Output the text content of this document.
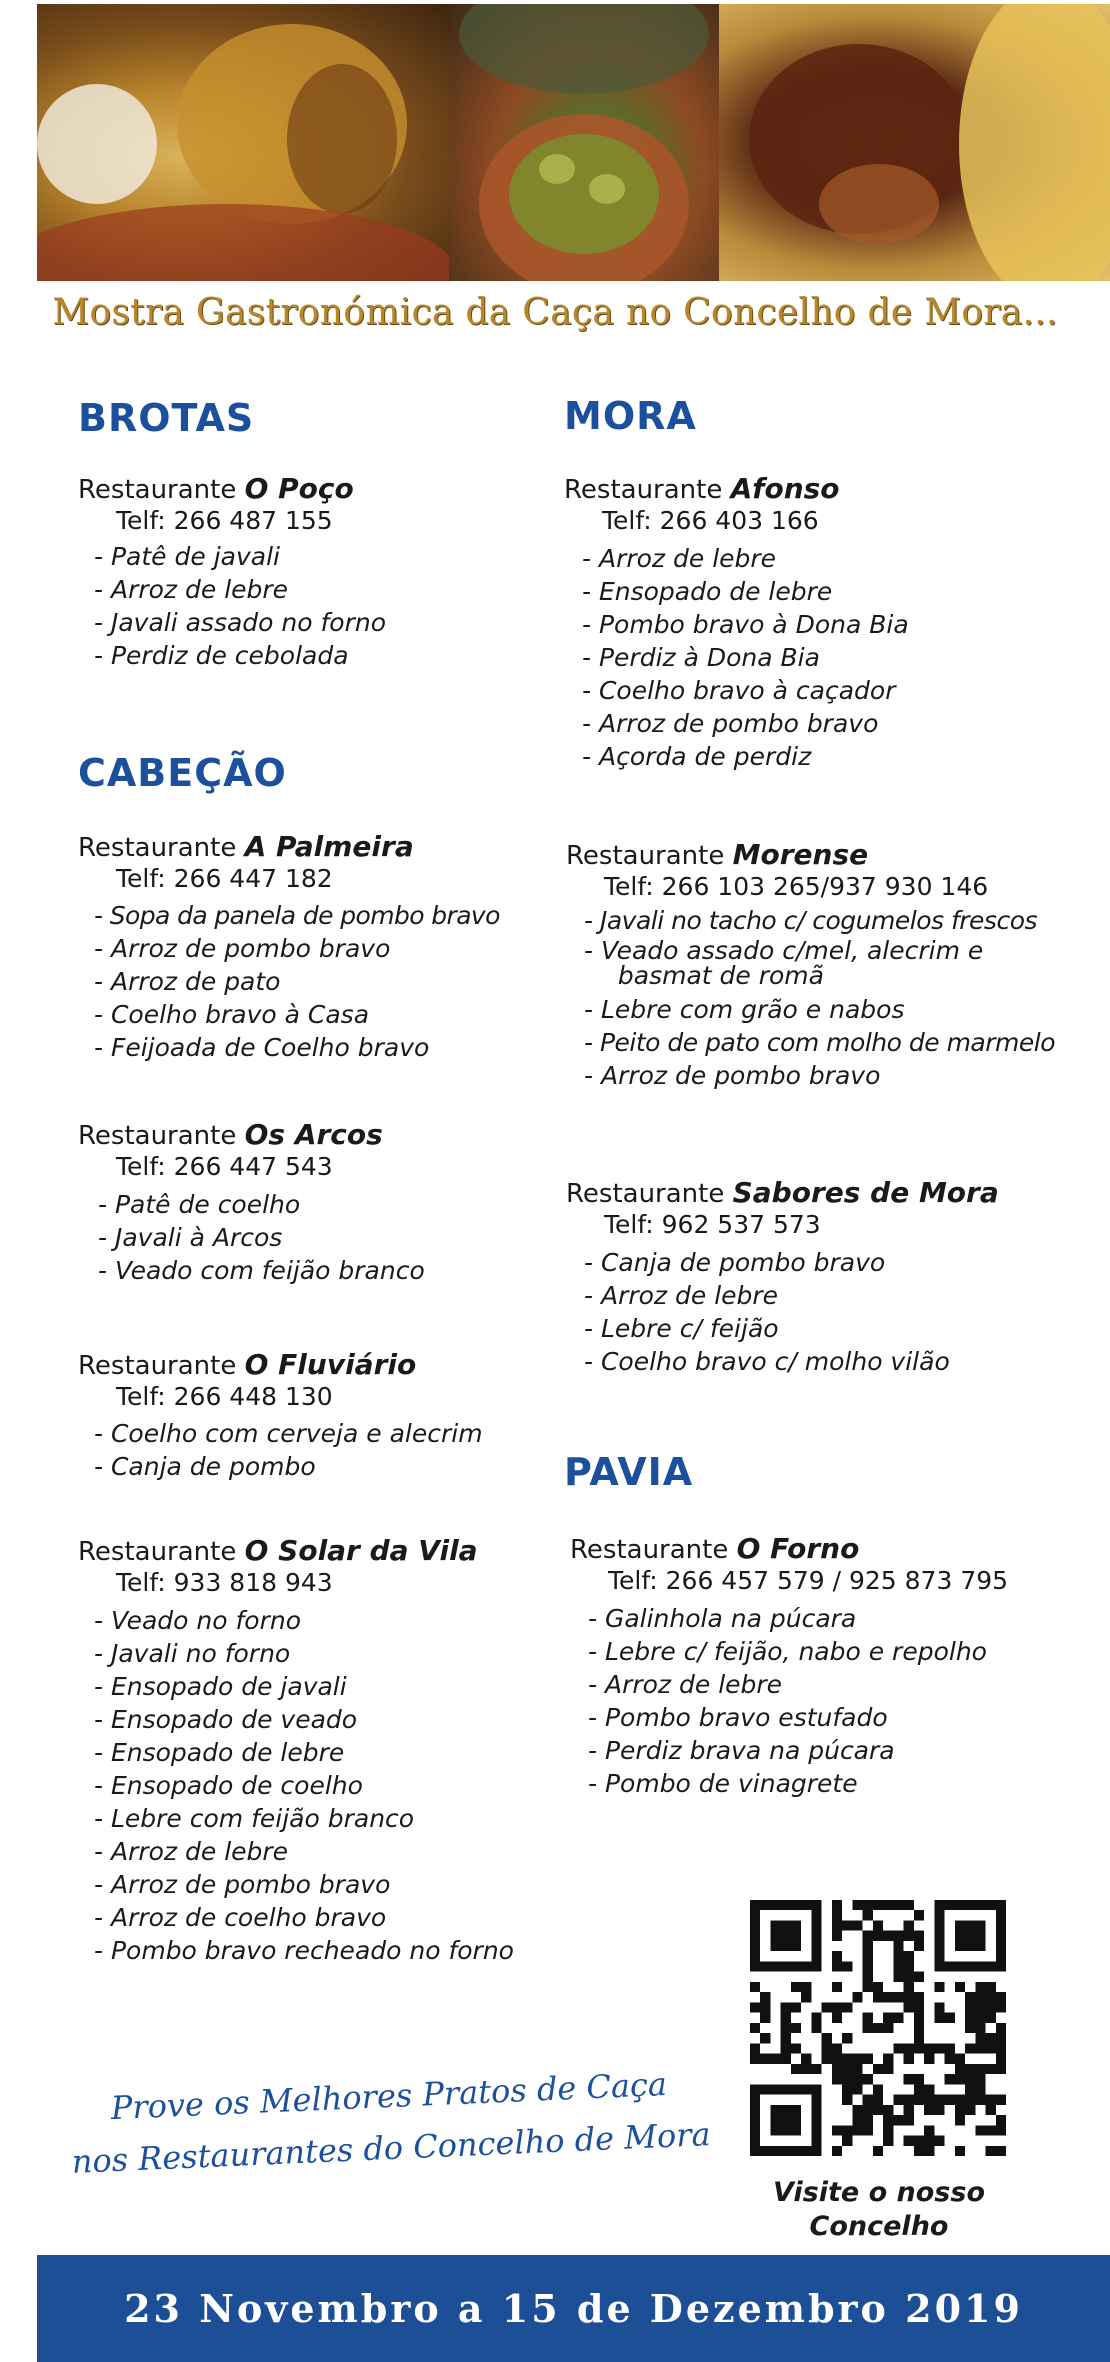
Mostra Gastronómica da Caça no Concelho de Mora...
BROTAS
Restaurante O Poço
Telf: 266 487 155
- Patê de javali
- Arroz de lebre
- Javali assado no forno
- Perdiz de cebolada
CABEÇÃO
Restaurante A Palmeira
Telf: 266 447 182
- Sopa da panela de pombo bravo
- Arroz de pombo bravo
- Arroz de pato
- Coelho bravo à Casa
- Feijoada de Coelho bravo
Restaurante Os Arcos
Telf: 266 447 543
- Patê de coelho
- Javali à Arcos
- Veado com feijão branco
Restaurante O Fluviário
Telf: 266 448 130
- Coelho com cerveja e alecrim
- Canja de pombo
Restaurante O Solar da Vila
Telf: 933 818 943
- Veado no forno
- Javali no forno
- Ensopado de javali
- Ensopado de veado
- Ensopado de lebre
- Ensopado de coelho
- Lebre com feijão branco
- Arroz de lebre
- Arroz de pombo bravo
- Arroz de coelho bravo
- Pombo bravo recheado no forno
MORA
Restaurante Afonso
Telf: 266 403 166
- Arroz de lebre
- Ensopado de lebre
- Pombo bravo à Dona Bia
- Perdiz à Dona Bia
- Coelho bravo à caçador
- Arroz de pombo bravo
- Açorda de perdiz
Restaurante Morense
Telf: 266 103 265/937 930 146
- Javali no tacho c/ cogumelos frescos
- Veado assado c/mel, alecrim e
basmat de romã
- Lebre com grão e nabos
- Peito de pato com molho de marmelo
- Arroz de pombo bravo
Restaurante Sabores de Mora
Telf: 962 537 573
- Canja de pombo bravo
- Arroz de lebre
- Lebre c/ feijão
- Coelho bravo c/ molho vilão
PAVIA
Restaurante O Forno
Telf: 266 457 579 / 925 873 795
- Galinhola na púcara
- Lebre c/ feijão, nabo e repolho
- Arroz de lebre
- Pombo bravo estufado
- Perdiz brava na púcara
- Pombo de vinagrete
Prove os Melhores Pratos de Caça
nos Restaurantes do Concelho de Mora
Visite o nosso
Concelho
23 Novembro a 15 de Dezembro 2019
